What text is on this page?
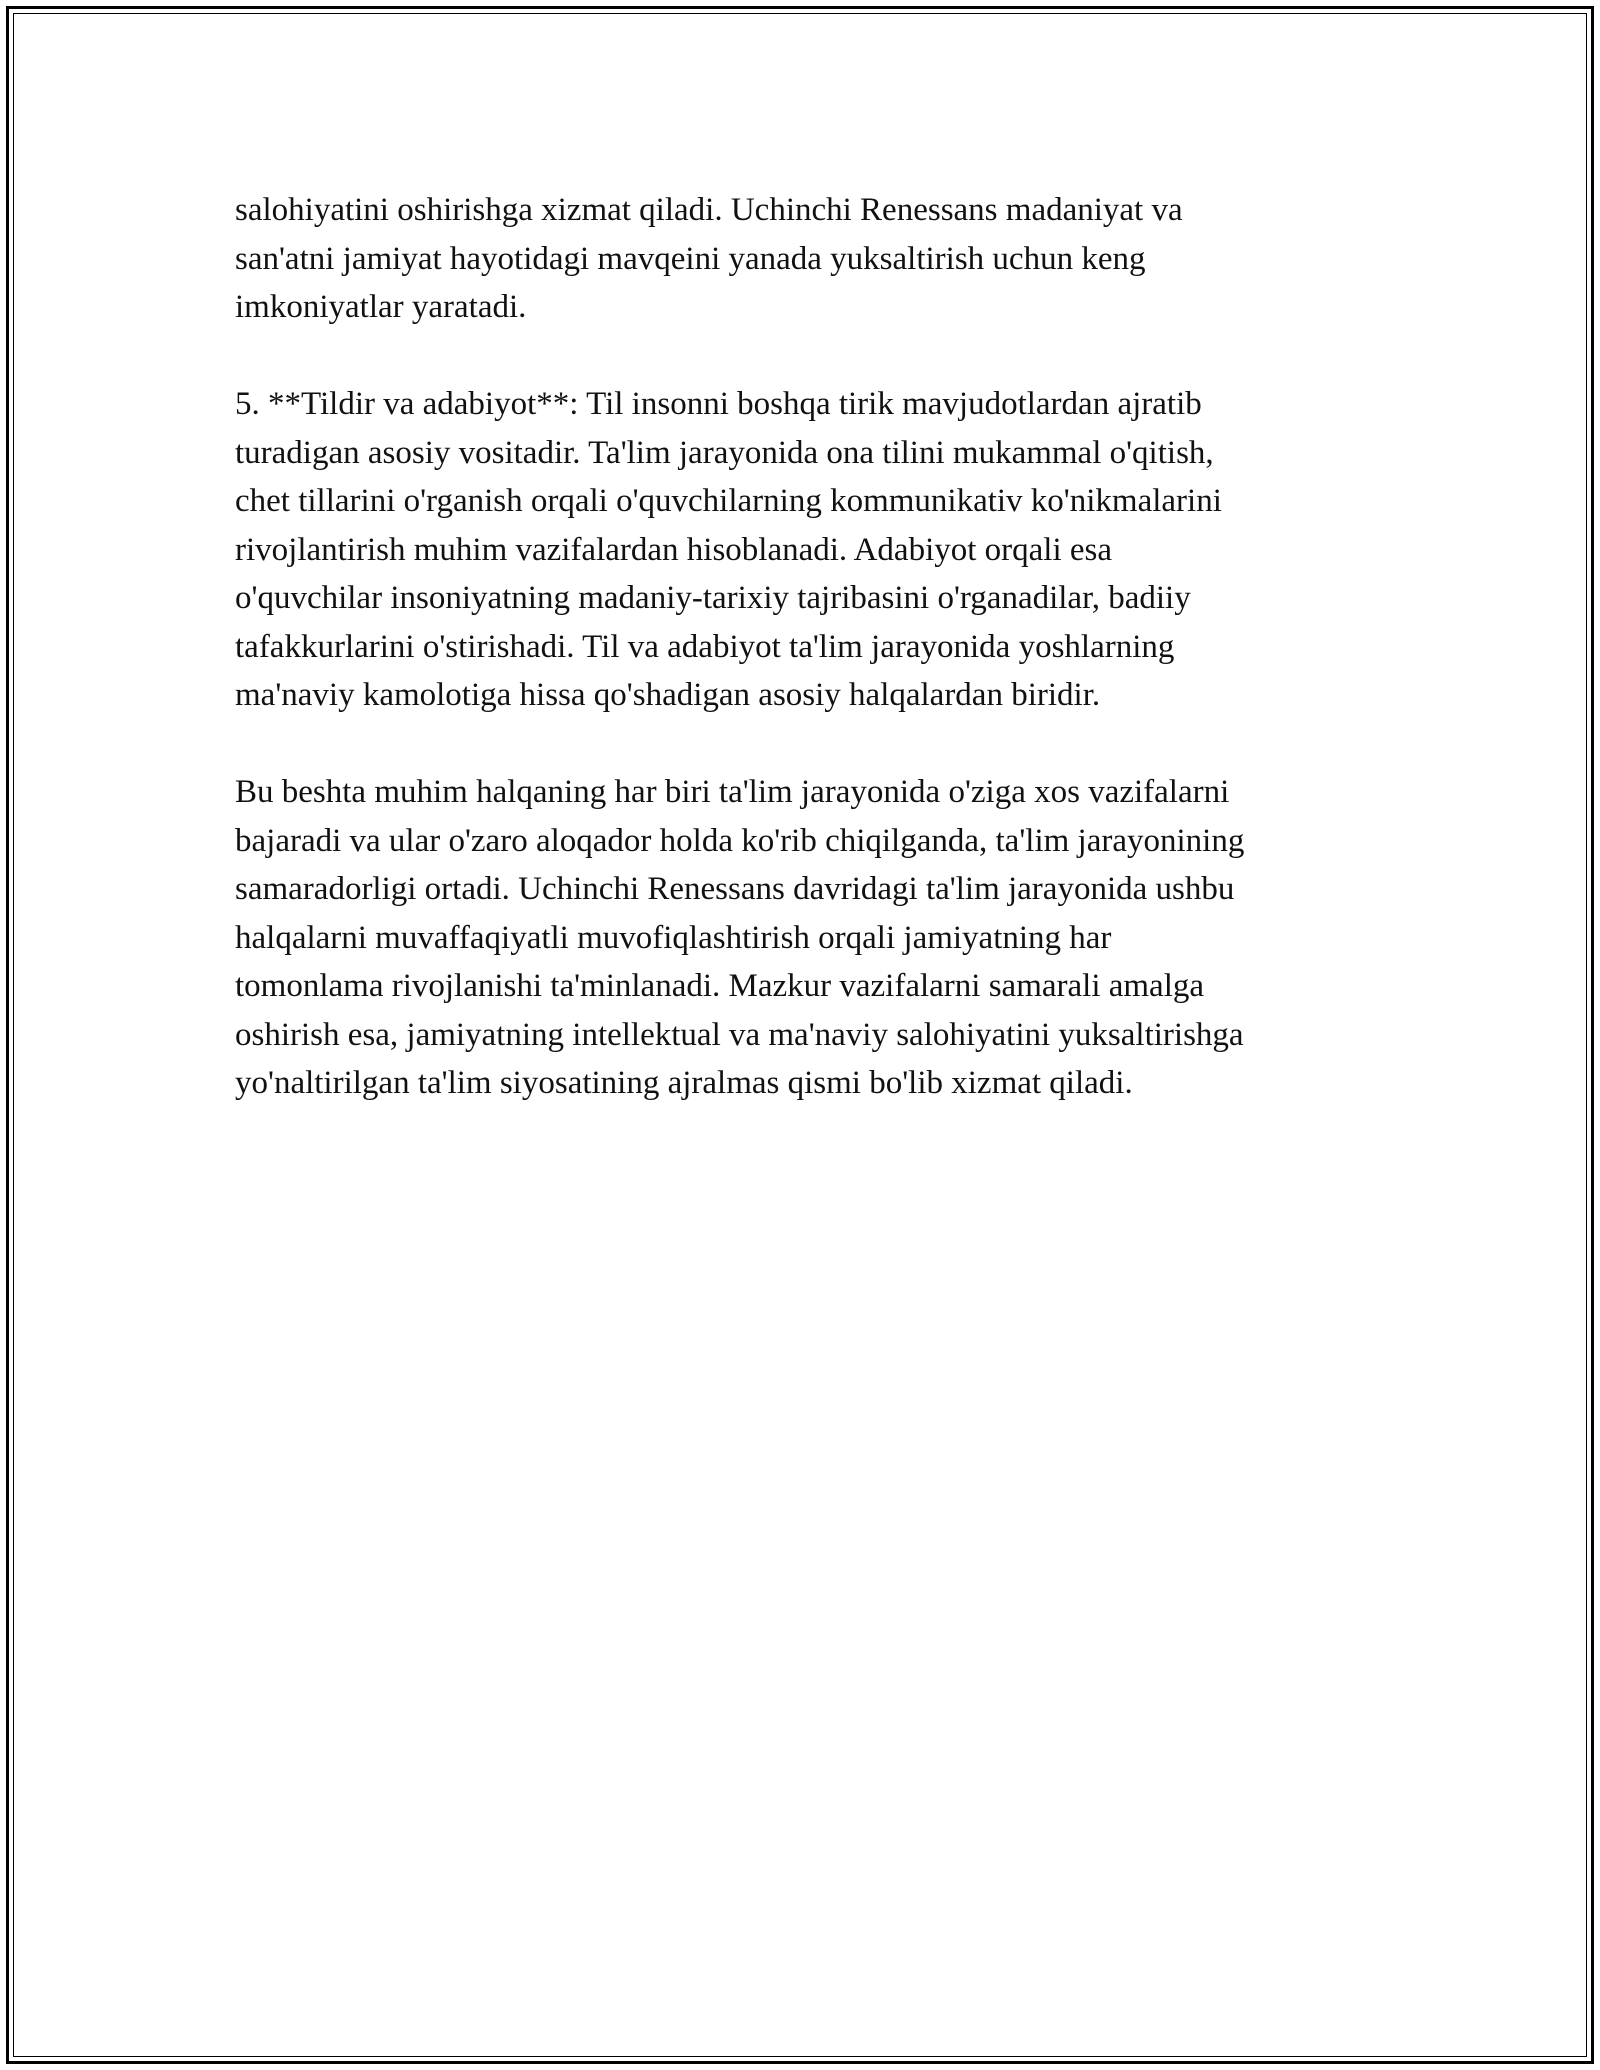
salohiyatini oshirishga xizmat qiladi. Uchinchi Renessans madaniyat va
san'atni jamiyat hayotidagi mavqeini yanada yuksaltirish uchun keng
imkoniyatlar yaratadi.

5. **Tildir va adabiyot**: Til insonni boshqa tirik mavjudotlardan ajratib
turadigan asosiy vositadir. Ta'lim jarayonida ona tilini mukammal o'qitish,
chet tillarini o'rganish orqali o'quvchilarning kommunikativ ko'nikmalarini
rivojlantirish muhim vazifalardan hisoblanadi. Adabiyot orqali esa
o'quvchilar insoniyatning madaniy-tarixiy tajribasini o'rganadilar, badiiy
tafakkurlarini o'stirishadi. Til va adabiyot ta'lim jarayonida yoshlarning
ma'naviy kamolotiga hissa qo'shadigan asosiy halqalardan biridir.

Bu beshta muhim halqaning har biri ta'lim jarayonida o'ziga xos vazifalarni
bajaradi va ular o'zaro aloqador holda ko'rib chiqilganda, ta'lim jarayonining
samaradorligi ortadi. Uchinchi Renessans davridagi ta'lim jarayonida ushbu
halqalarni muvaffaqiyatli muvofiqlashtirish orqali jamiyatning har
tomonlama rivojlanishi ta'minlanadi. Mazkur vazifalarni samarali amalga
oshirish esa, jamiyatning intellektual va ma'naviy salohiyatini yuksaltirishga
yo'naltirilgan ta'lim siyosatining ajralmas qismi bo'lib xizmat qiladi.
